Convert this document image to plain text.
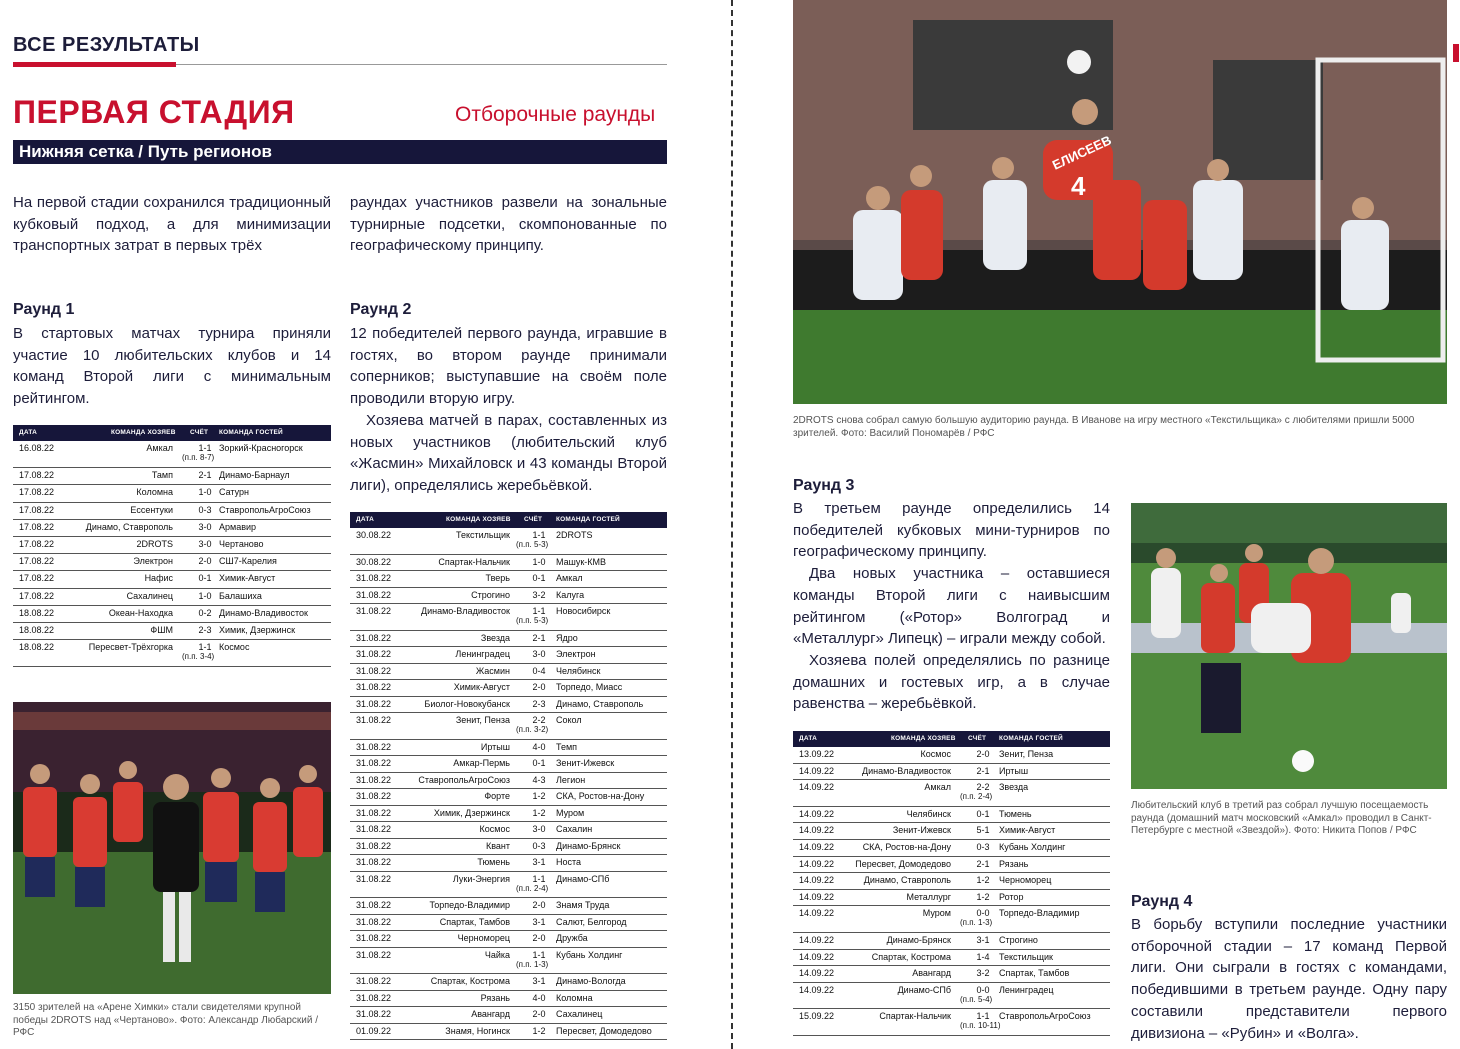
ВСЕ РЕЗУЛЬТАТЫ
ПЕРВАЯ СТАДИЯ	Отборочные раунды
Нижняя сетка / Путь регионов
На первой стадии сохранился традиционный кубковый подход, а для минимизации транспортных затрат в первых трёх
раундах участников развели на зональные турнирные подсетки, скомпонованные по географическому принципу.
Раунд 1
В стартовых матчах турнира приняли участие 10 любительских клубов и 14 команд Второй лиги с минимальным рейтингом.
Раунд 2
12 победителей первого раунда, игравшие в гостях, во втором раунде принимали соперников; выступавшие на своём поле проводили вторую игру.
Хозяева матчей в парах, составленных из новых участников (любительский клуб «Жасмин» Михайловск и 43 команды Второй лиги), определялись жеребьёвкой.
ДАТА	КОМАНДА ХОЗЯЕВ СЧЁТ КОМАНДА ГОСТЕЙ
16.08.22	Амкал	1-1 Зоркий-Красногорск
(п.п. 8-7)
17.08.22	Тамп	2-1 Динамо-Барнаул
17.08.22	Коломна	1-0 Сатурн
17.08.22	Ессентуки	0-3 СтавропольАгроСоюз
17.08.22	Динамо, Ставрополь	3-0 Армавир
17.08.22	2DROTS	3-0 Чертаново
17.08.22	Электрон	2-0 СШ7-Карелия
17.08.22	Нафис	0-1 Химик-Август
17.08.22	Сахалинец	1-0 Балашиха
18.08.22	Океан-Находка	0-2 Динамо-Владивосток
18.08.22	ФШМ	2-3 Химик, Дзержинск
18.08.22	Пересвет-Трёхгорка	1-1 Космос
(п.п. 3-4)
ДАТА	КОМАНДА ХОЗЯЕВ СЧЁТ КОМАНДА ГОСТЕЙ
30.08.22	Текстильщик	1-1	2DROTS
(п.п. 5-3)
30.08.22	Спартак-Нальчик	1-0	Машук-КМВ
31.08.22	Тверь	0-1	Амкал
31.08.22	Строгино	3-2	Калуга
31.08.22	Динамо-Владивосток	1-1	Новосибирск
(п.п. 5-3)
31.08.22	Звезда	2-1	Ядро
31.08.22	Ленинградец	3-0	Электрон
31.08.22	Жасмин	0-4	Челябинск
31.08.22	Химик-Август	2-0	Торпедо, Миасс
31.08.22	Биолог-Новокубанск	2-3	Динамо, Ставрополь
31.08.22	Зенит, Пенза	2-2	Сокол
(п.п. 3-2)
31.08.22	Иртыш	4-0	Темп
31.08.22	Амкар-Пермь	0-1	Зенит-Ижевск
31.08.22	СтавропольАгроСоюз	4-3	Легион
31.08.22	Форте	1-2	СКА, Ростов-на-Дону
31.08.22	Химик, Дзержинск	1-2	Муром
31.08.22	Космос	3-0	Сахалин
31.08.22	Квант	0-3	Динамо-Брянск
31.08.22	Тюмень	3-1	Носта
31.08.22	Луки-Энергия	1-1	Динамо-СПб
(п.п. 2-4)
31.08.22	Торпедо-Владимир	2-0	Знамя Труда
31.08.22	Спартак, Тамбов	3-1	Салют, Белгород
31.08.22	Черноморец	2-0	Дружба
31.08.22	Чайка	1-1	Кубань Холдинг
(п.п. 1-3)
31.08.22	Спартак, Кострома	3-1	Динамо-Вологда
31.08.22	Рязань	4-0	Коломна
31.08.22	Авангард	2-0	Сахалинец
01.09.22	Знамя, Ногинск	1-2	Пересвет, Домодедово
3150 зрителей на «Арене Химки» стали свидетелями крупной победы 2DROTS над «Чертаново». Фото: Александр Любарский / РФС
ЕЛИСЕЕВ
4
2DROTS снова собрал самую большую аудиторию раунда. В Иванове на игру местного «Текстильщика» с любителями пришли 5000 зрителей. Фото: Василий Пономарёв / РФС
Раунд 3
В третьем раунде определились 14 победителей кубковых мини-турниров по географическому принципу.
Два новых участника – оставшиеся команды Второй лиги с наивысшим рейтингом («Ротор» Волгоград и «Металлург» Липецк) – играли между собой.
Хозяева полей определялись по разнице домашних и гостевых игр, а в случае равенства – жеребьёвкой.
ДАТА	КОМАНДА ХОЗЯЕВ СЧЁТ КОМАНДА ГОСТЕЙ
13.09.22	Космос	2-0	Зенит, Пенза
14.09.22	Динамо-Владивосток	2-1	Иртыш
14.09.22	Амкал	2-2	Звезда
(п.п. 2-4)
14.09.22	Челябинск	0-1	Тюмень
14.09.22	Зенит-Ижевск	5-1	Химик-Август
14.09.22	СКА, Ростов-на-Дону	0-3	Кубань Холдинг
14.09.22 Пересвет, Домодедово	2-1	Рязань
14.09.22	Динамо, Ставрополь	1-2	Черноморец
14.09.22	Металлург	1-2	Ротор
14.09.22	Муром	0-0	Торпедо-Владимир
(п.п. 1-3)
14.09.22	Динамо-Брянск	3-1	Строгино
14.09.22	Спартак, Кострома	1-4	Текстильщик
14.09.22	Авангард	3-2	Спартак, Тамбов
14.09.22	Динамо-СПб	0-0	Ленинградец
(п.п. 5-4)
15.09.22	Спартак-Нальчик	1-1	СтавропольАгроСоюз
(п.п. 10-11)
Любительский клуб в третий раз собрал лучшую посещаемость раунда (домашний матч московский «Амкал» проводил в Санкт-Петербурге с местной «Звездой»). Фото: Никита Попов / РФС
Раунд 4
В борьбу вступили последние участники отборочной стадии – 17 команд Первой лиги. Они сыграли в гостях с командами, победившими в третьем раунде. Одну пару составили представители первого дивизиона – «Рубин» и «Волга».
